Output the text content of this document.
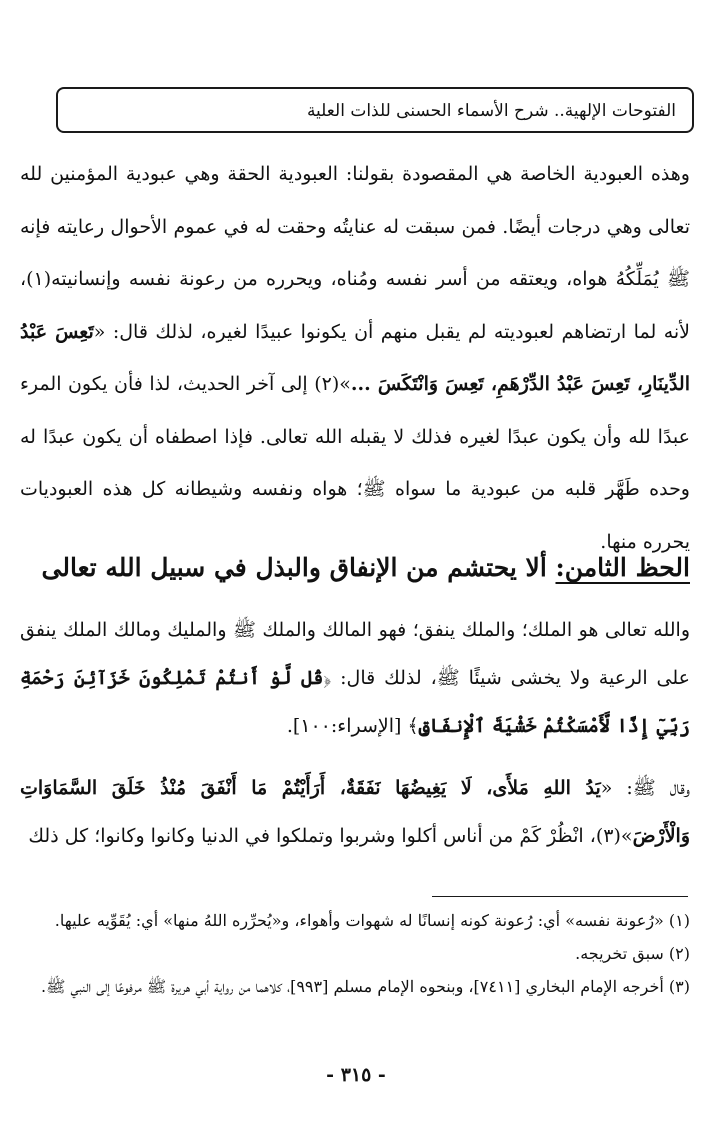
الفتوحات الإلهية.. شرح الأسماء الحسنى للذات العلية

وهذه العبودية الخاصة هي المقصودة بقولنا: العبودية الحقة وهي عبودية المؤمنين لله تعالى وهي درجات أيضًا. فمن سبقت له عنايتُه وحقت له في عموم الأحوال رعايته فإنه ﷺ يُمَلِّكُهُ هواه، ويعتقه من أسر نفسه ومُناه، ويحرره من رعونة نفسه وإنسانيته(١)، لأنه لما ارتضاهم لعبوديته لم يقبل منهم أن يكونوا عبيدًا لغيره، لذلك قال: «تَعِسَ عَبْدُ الدِّينَارِ، تَعِسَ عَبْدُ الدِّرْهَمِ، تَعِسَ وَانْتَكَسَ ...»(٢) إلى آخر الحديث، لذا فأن يكون المرء عبدًا لله وأن يكون عبدًا لغيره فذلك لا يقبله الله تعالى. فإذا اصطفاه أن يكون عبدًا له وحده طَهَّر قلبه من عبودية ما سواه ﷺ؛ هواه ونفسه وشيطانه كل هذه العبوديات يحرره منها.

الحظ الثامن: ألا يحتشم من الإنفاق والبذل في سبيل الله تعالى

والله تعالى هو الملك؛ والملك ينفق؛ فهو المالك والملك ﷺ والمليك ومالك الملك ينفق على الرعية ولا يخشى شيئًا ﷺ، لذلك قال: ﴿قُل لَّوْ أَنتُمْ تَمْلِكُونَ خَزَآئِنَ رَحْمَةِ رَبِّيٓ إِذًا لَّأَمْسَكْتُمْ خَشْيَةَ ٱلْإِنفَاقِ﴾ [الإسراء:١٠٠].

وقال ﷺ: «يَدُ اللهِ مَلأَى، لَا يَغِيضُهَا نَفَقَةٌ، أَرَأَيْتُمْ مَا أَنْفَقَ مُنْذُ خَلَقَ السَّمَاوَاتِ وَالْأَرْضَ»(٣)، انْظُرْ كَمْ من أناس أكلوا وشربوا وتملكوا في الدنيا وكانوا وكانوا؛ كل ذلك

(١) «رُعونة نفسه» أي: رُعونة كونه إنسانًا له شهوات وأهواء، و«يُحرِّره اللهُ منها» أي: يُقَوِّيه عليها.

(٢) سبق تخريجه.

(٣) أخرجه الإمام البخاري [٧٤١١]، وبنحوه الإمام مسلم [٩٩٣]، كلاهما من رواية أبي هريرة ﷺ مرفوعًا إلى النبي ﷺ.

- ٣١٥ -
